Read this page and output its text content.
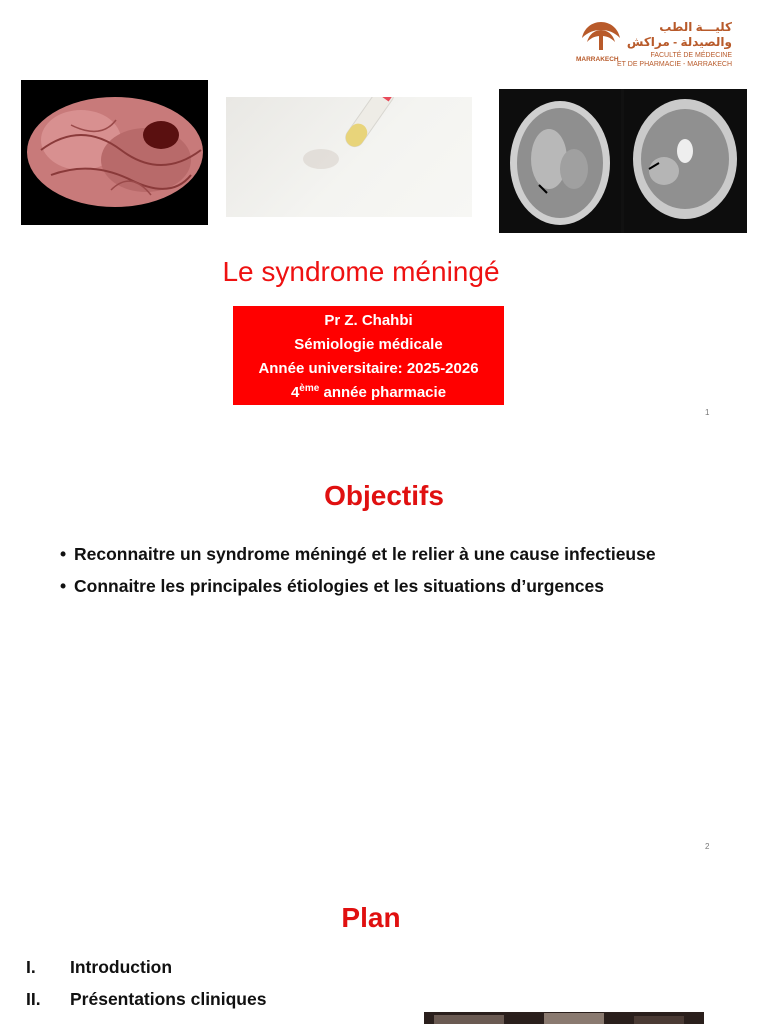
MARRAKECH
كليـــة الطب
والصيدلة - مراكش
FACULTÉ DE MÉDECINE
ET DE PHARMACIE - MARRAKECH
Le syndrome méningé
Pr Z. Chahbi
Sémiologie médicale
Année universitaire: 2025-2026
4ème année pharmacie
1
Objectifs
• Reconnaitre un syndrome méningé et le relier à une cause infectieuse
• Connaitre les principales étiologies et les situations d’urgences
2
Plan
I. Introduction
II. Présentations cliniques
